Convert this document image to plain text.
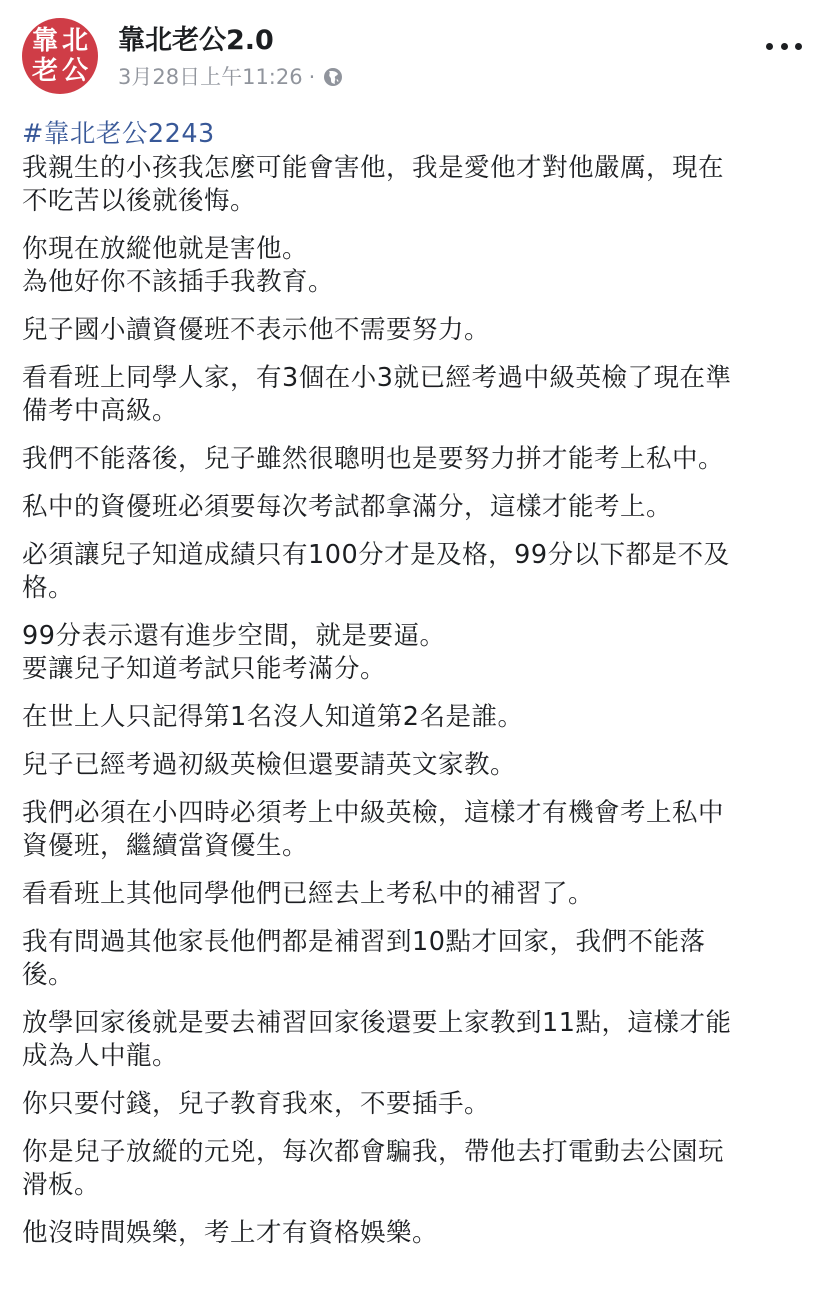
靠 北
老 公
靠北老公2.0
3月28日上午11:26 ·
#靠北老公2243

我親生的小孩我怎麼可能會害他，我是愛他才對他嚴厲，現在
不吃苦以後就後悔。

你現在放縱他就是害他。
為他好你不該插手我教育。

兒子國小讀資優班不表示他不需要努力。

看看班上同學人家，有3個在小3就已經考過中級英檢了現在準
備考中高級。

我們不能落後，兒子雖然很聰明也是要努力拼才能考上私中。

私中的資優班必須要每次考試都拿滿分，這樣才能考上。

必須讓兒子知道成績只有100分才是及格，99分以下都是不及
格。

99分表示還有進步空間，就是要逼。
要讓兒子知道考試只能考滿分。

在世上人只記得第1名沒人知道第2名是誰。

兒子已經考過初級英檢但還要請英文家教。

我們必須在小四時必須考上中級英檢，這樣才有機會考上私中
資優班，繼續當資優生。

看看班上其他同學他們已經去上考私中的補習了。

我有問過其他家長他們都是補習到10點才回家，我們不能落
後。

放學回家後就是要去補習回家後還要上家教到11點，這樣才能
成為人中龍。

你只要付錢，兒子教育我來，不要插手。

你是兒子放縱的元兇，每次都會騙我，帶他去打電動去公園玩
滑板。

他沒時間娛樂，考上才有資格娛樂。
